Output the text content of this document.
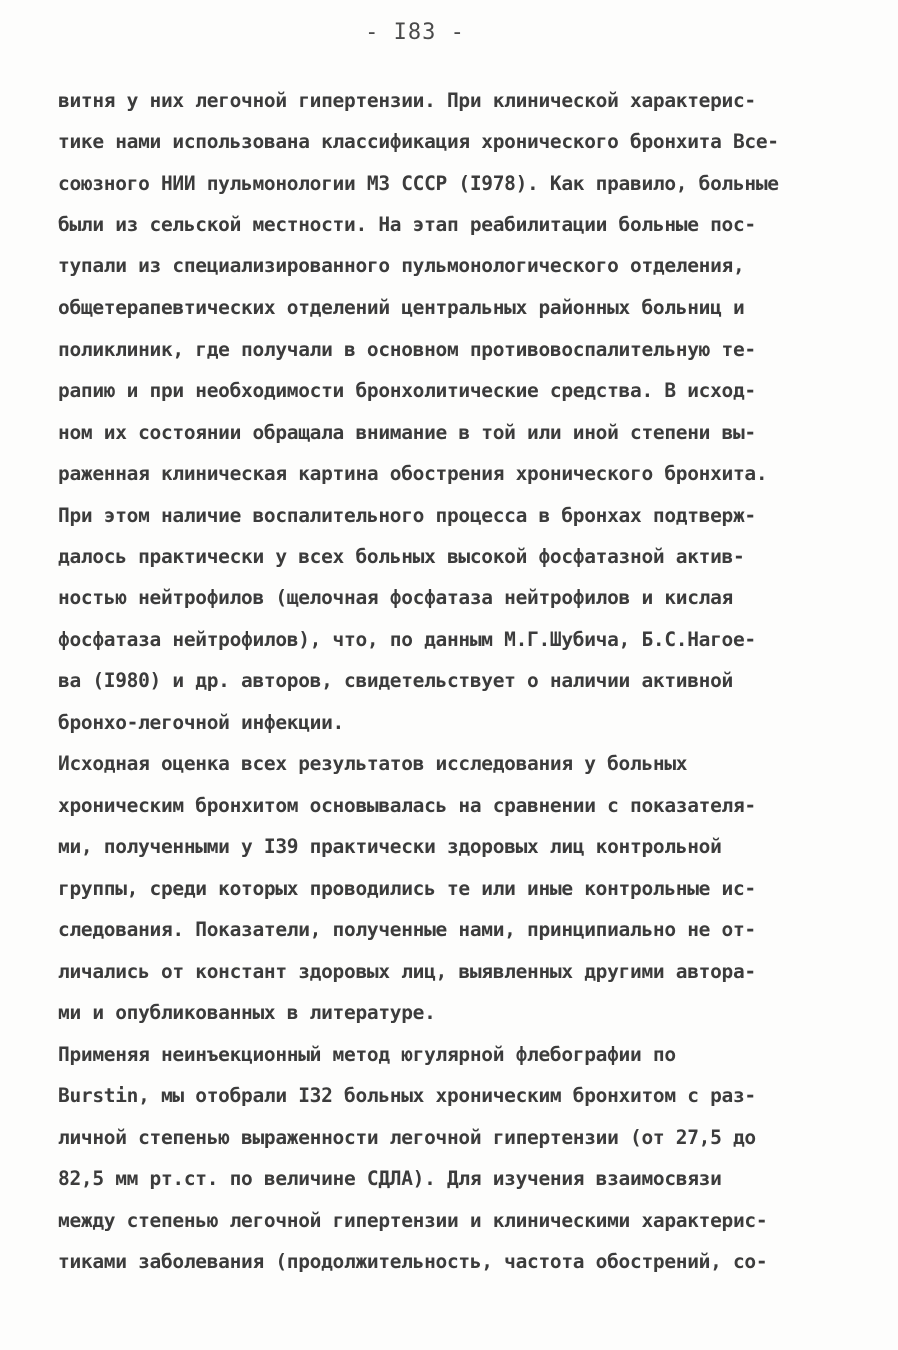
- I83 -
витня у них легочной гипертензии. При клинической характерис-
тике нами использована классификация хронического бронхита Все-
союзного НИИ пульмонологии МЗ СССР (I978). Как правило, больные
были из сельской местности. На этап реабилитации больные пос-
тупали из специализированного пульмонологического отделения,
общетерапевтических отделений центральных районных больниц и
поликлиник, где получали в основном противовоспалительную те-
рапию и при необходимости бронхолитические средства. В исход-
ном их состоянии обращала внимание в той или иной степени вы-
раженная клиническая картина обострения хронического бронхита.
При этом наличие воспалительного процесса в бронхах подтверж-
далось практически у всех больных высокой фосфатазной актив-
ностью нейтрофилов (щелочная фосфатаза нейтрофилов и кислая
фосфатаза нейтрофилов), что, по данным М.Г.Шубича, Б.С.Нагое-
ва (I980) и др. авторов, свидетельствует о наличии активной
бронхо-легочной инфекции.
Исходная оценка всех результатов исследования у больных
хроническим бронхитом основывалась на сравнении с показателя-
ми, полученными у I39 практически здоровых лиц контрольной
группы, среди которых проводились те или иные контрольные ис-
следования. Показатели, полученные нами, принципиально не от-
личались от констант здоровых лиц, выявленных другими автора-
ми и опубликованных в литературе.
Применяя неинъекционный метод югулярной флебографии по
Burstin, мы отобрали I32 больных хроническим бронхитом с раз-
личной степенью выраженности легочной гипертензии (от 27,5 до
82,5 мм рт.ст. по величине СДЛА). Для изучения взаимосвязи
между степенью легочной гипертензии и клиническими характерис-
тиками заболевания (продолжительность, частота обострений, со-
